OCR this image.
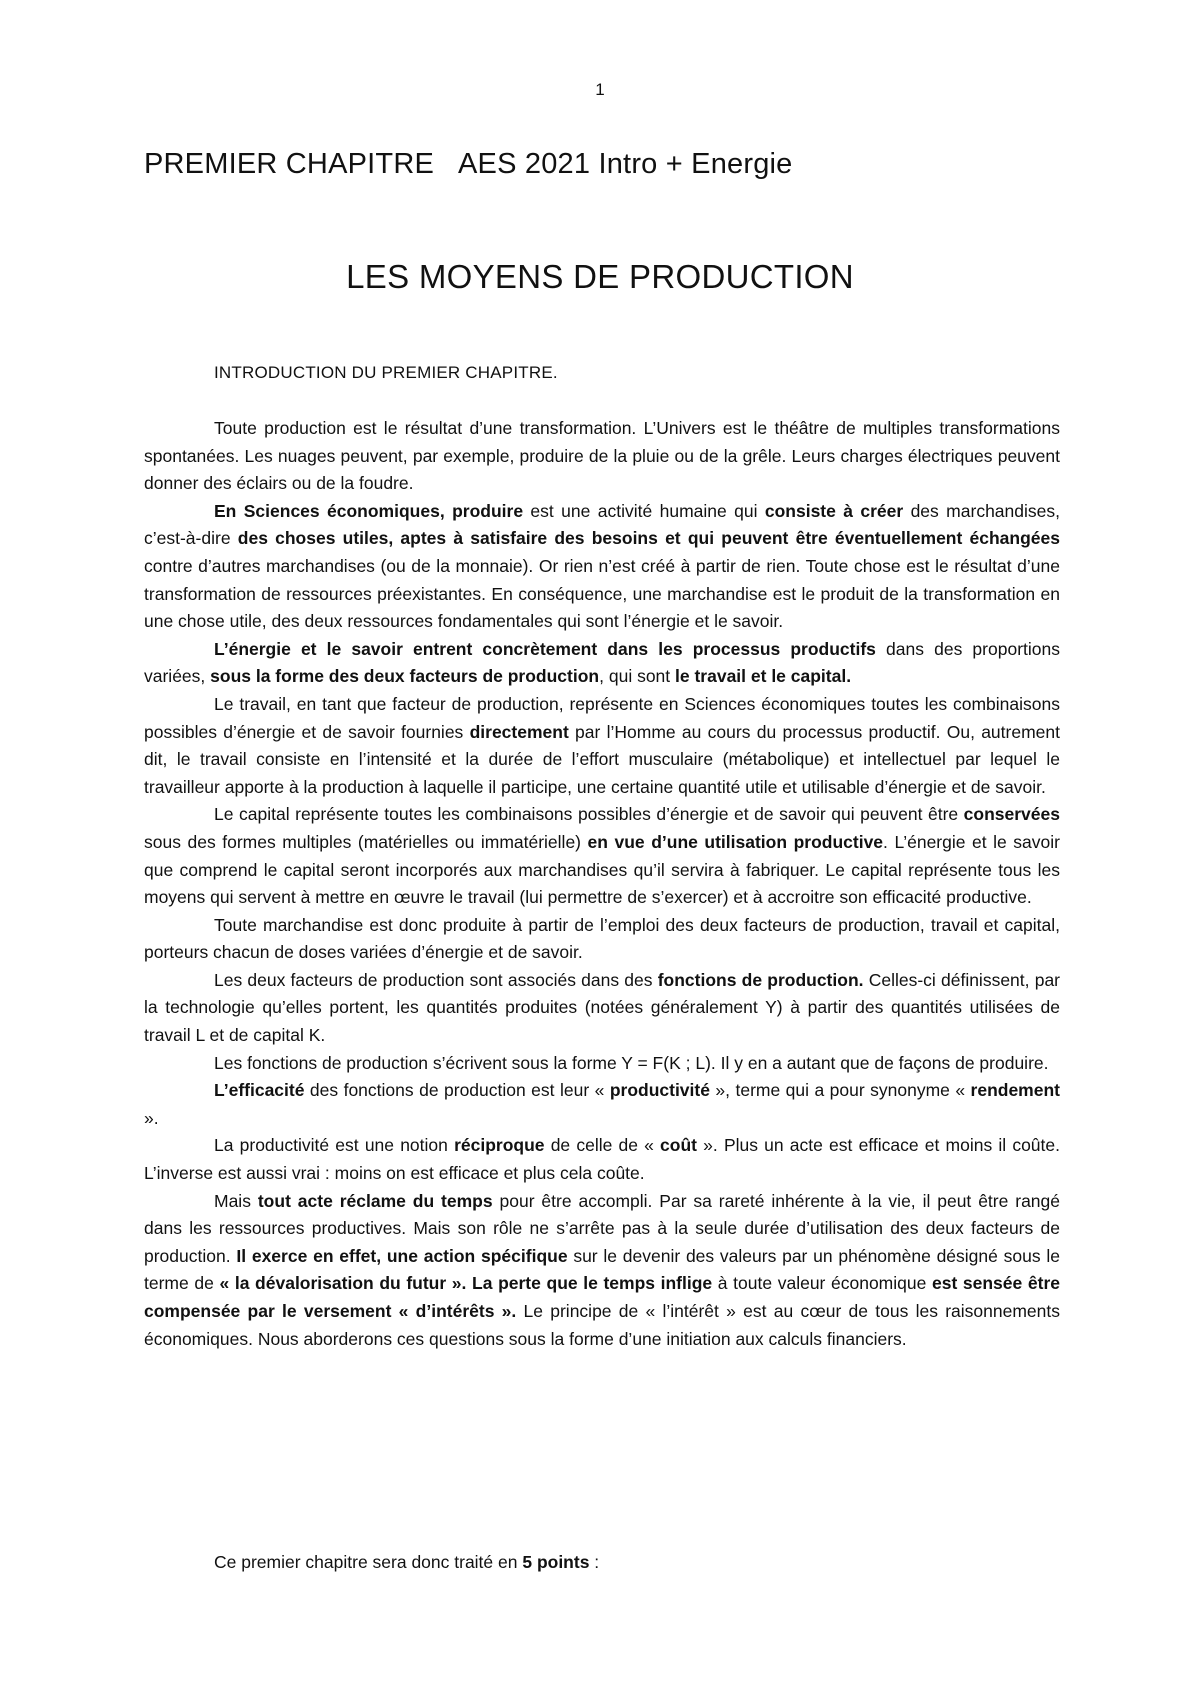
1
PREMIER CHAPITRE AES 2021 Intro + Energie
LES MOYENS DE PRODUCTION
INTRODUCTION DU PREMIER CHAPITRE.

Toute production est le résultat d’une transformation. L’Univers est le théâtre de multiples transformations spontanées. Les nuages peuvent, par exemple, produire de la pluie ou de la grêle. Leurs charges électriques peuvent donner des éclairs ou de la foudre.

En Sciences économiques, produire est une activité humaine qui consiste à créer des marchandises, c’est-à-dire des choses utiles, aptes à satisfaire des besoins et qui peuvent être éventuellement échangées contre d’autres marchandises (ou de la monnaie). Or rien n’est créé à partir de rien. Toute chose est le résultat d’une transformation de ressources préexistantes. En conséquence, une marchandise est le produit de la transformation en une chose utile, des deux ressources fondamentales qui sont l’énergie et le savoir.

L’énergie et le savoir entrent concrètement dans les processus productifs dans des proportions variées, sous la forme des deux facteurs de production, qui sont le travail et le capital.

Le travail, en tant que facteur de production, représente en Sciences économiques toutes les combinaisons possibles d’énergie et de savoir fournies directement par l’Homme au cours du processus productif. Ou, autrement dit, le travail consiste en l’intensité et la durée de l’effort musculaire (métabolique) et intellectuel par lequel le travailleur apporte à la production à laquelle il participe, une certaine quantité utile et utilisable d’énergie et de savoir.

Le capital représente toutes les combinaisons possibles d’énergie et de savoir qui peuvent être conservées sous des formes multiples (matérielles ou immatérielle) en vue d’une utilisation productive. L’énergie et le savoir que comprend le capital seront incorporés aux marchandises qu’il servira à fabriquer. Le capital représente tous les moyens qui servent à mettre en œuvre le travail (lui permettre de s’exercer) et à accroitre son efficacité productive.

Toute marchandise est donc produite à partir de l’emploi des deux facteurs de production, travail et capital, porteurs chacun de doses variées d’énergie et de savoir.

Les deux facteurs de production sont associés dans des fonctions de production. Celles-ci définissent, par la technologie qu’elles portent, les quantités produites (notées généralement Y) à partir des quantités utilisées de travail L et de capital K.

Les fonctions de production s’écrivent sous la forme Y = F(K ; L). Il y en a autant que de façons de produire.

L’efficacité des fonctions de production est leur « productivité », terme qui a pour synonyme « rendement ».

La productivité est une notion réciproque de celle de « coût ». Plus un acte est efficace et moins il coûte. L’inverse est aussi vrai : moins on est efficace et plus cela coûte.

Mais tout acte réclame du temps pour être accompli. Par sa rareté inhérente à la vie, il peut être rangé dans les ressources productives. Mais son rôle ne s’arrête pas à la seule durée d’utilisation des deux facteurs de production. Il exerce en effet, une action spécifique sur le devenir des valeurs par un phénomène désigné sous le terme de « la dévalorisation du futur ». La perte que le temps inflige à toute valeur économique est sensée être compensée par le versement « d’intérêts ». Le principe de « l’intérêt » est au cœur de tous les raisonnements économiques. Nous aborderons ces questions sous la forme d’une initiation aux calculs financiers.

Ce premier chapitre sera donc traité en 5 points :
